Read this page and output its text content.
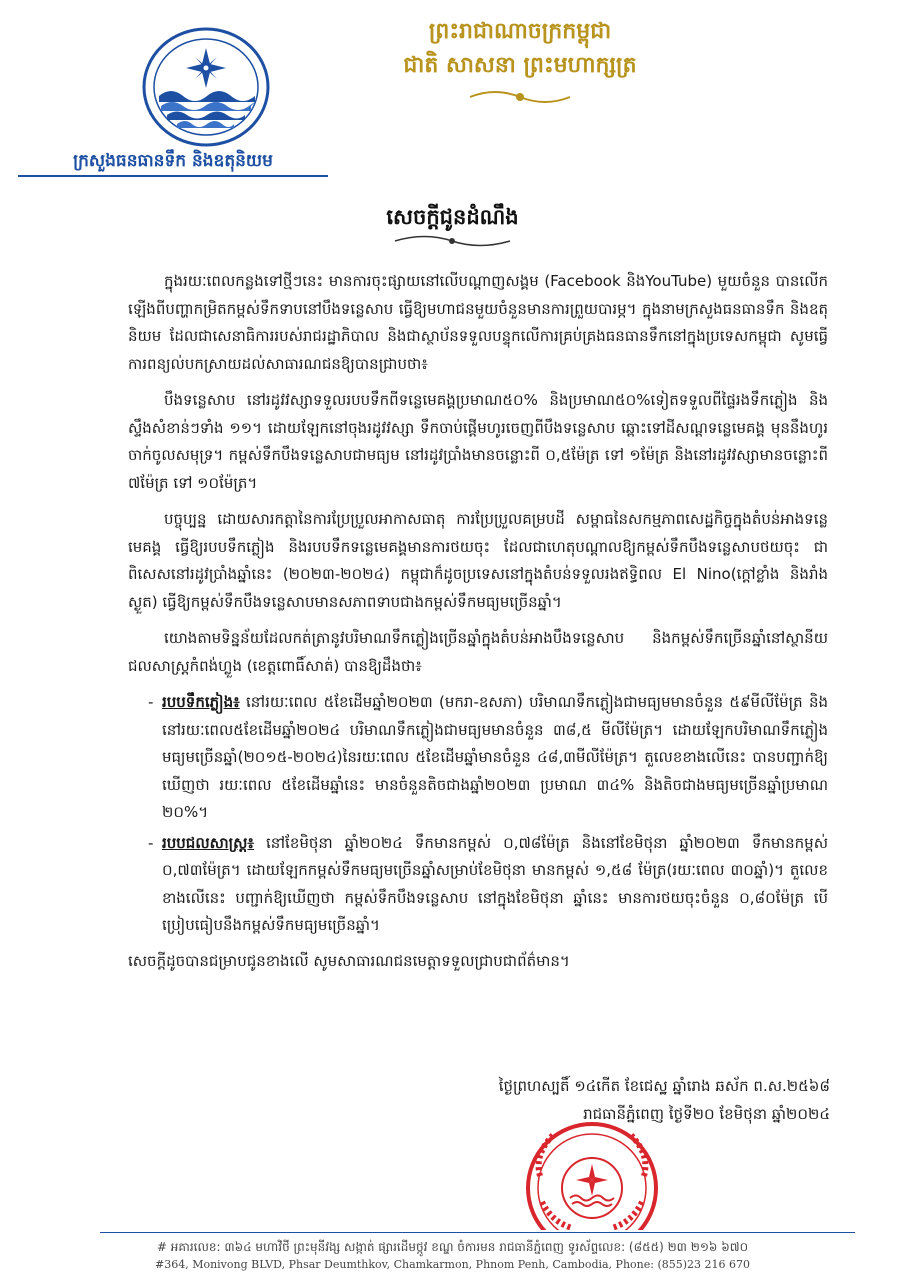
ក្រសួងធនធានទឹក និងឧតុនិយម
ព្រះរាជាណាចក្រកម្ពុជា
ជាតិ សាសនា ព្រះមហាក្សត្រ
សេចក្តីជូនដំណឹង

ក្នុងរយៈពេលកន្លងទៅថ្មីៗនេះ មានការចុះផ្សាយនៅលើបណ្តាញសង្គម (Facebook និងYouTube) មួយចំនួន បានលើកឡើងពីបញ្ហាកម្រិតកម្ពស់ទឹកទាបនៅបឹងទន្លេសាប ធ្វើឱ្យមហាជនមួយចំនួនមានការព្រួយបារម្ភ។ ក្នុងនាមក្រសួងធនធានទឹក និងឧតុនិយម ដែលជាសេនាធិការរបស់រាជរដ្ឋាភិបាល និងជាស្ថាប័នទទួលបន្ទុកលើការគ្រប់គ្រងធនធានទឹកនៅក្នុងប្រទេសកម្ពុជា សូមធ្វើការពន្យល់បកស្រាយដល់សាធារណជនឱ្យបានជ្រាបថា៖

បឹងទន្លេសាប នៅរដូវវស្សាទទួលរបបទឹកពីទន្លេមេគង្គប្រមាណ៥០% និងប្រមាណ៥០%ទៀតទទួលពីផ្ទៃរងទឹកភ្លៀង និងស្ទឹងសំខាន់ៗទាំង ១១។ ដោយឡែកនៅចុងរដូវវស្សា ទឹកចាប់ផ្តើមហូរចេញពីបឹងទន្លេសាប ឆ្ពោះទៅដីសណ្តទន្លេមេគង្គ មុននឹងហូរចាក់ចូលសមុទ្រ។ កម្ពស់ទឹកបឹងទន្លេសាបជាមធ្យម នៅរដូវប្រាំងមានចន្លោះពី ០,៥ម៉ែត្រ ទៅ ១ម៉ែត្រ និងនៅរដូវវស្សាមានចន្លោះពី ៧ម៉ែត្រ ទៅ ១០ម៉ែត្រ។

បច្ចុប្បន្ន ដោយសារកត្តានៃការប្រែប្រួលអាកាសធាតុ ការប្រែប្រួលគម្របដី សម្ពាធនៃសកម្មភាពសេដ្ឋកិច្ចក្នុងតំបន់អាងទន្លេមេគង្គ ធ្វើឱ្យរបបទឹកភ្លៀង និងរបបទឹកទន្លេមេគង្គមានការថយចុះ ដែលជាហេតុបណ្តាលឱ្យកម្ពស់ទឹកបឹងទន្លេសាបថយចុះ ជាពិសេសនៅរដូវប្រាំងឆ្នាំនេះ (២០២៣-២០២៤) កម្ពុជាក៏ដូចប្រទេសនៅក្នុងតំបន់ទទួលរងឥទ្ធិពល El Nino(ក្តៅខ្លាំង និងរាំងស្ងួត) ធ្វើឱ្យកម្ពស់ទឹកបឹងទន្លេសាបមានសភាពទាបជាងកម្ពស់ទឹកមធ្យមច្រើនឆ្នាំ។

យោងតាមទិន្នន័យដែលកត់ត្រានូវបរិមាណទឹកភ្លៀងច្រើនឆ្នាំក្នុងតំបន់អាងបឹងទន្លេសាប និងកម្ពស់ទឹកច្រើនឆ្នាំនៅស្ថានីយជលសាស្ត្រកំពង់ហ្លួង (ខេត្តពោធិ៍សាត់) បានឱ្យដឹងថា៖

- របបទឹកភ្លៀង៖ នៅរយៈពេល ៥ខែដើមឆ្នាំ២០២៣ (មករា-ឧសភា) បរិមាណទឹកភ្លៀងជាមធ្យមមានចំនួន ៥៩មីលីម៉ែត្រ និងនៅរយៈពេល៥ខែដើមឆ្នាំ២០២៤ បរិមាណទឹកភ្លៀងជាមធ្យមមានចំនួន ៣៨,៥ មីលីម៉ែត្រ។ ដោយឡែកបរិមាណទឹកភ្លៀងមធ្យមច្រើនឆ្នាំ(២០១៥-២០២៤)នៃរយៈពេល ៥ខែដើមឆ្នាំមានចំនួន ៤៨,៣មីលីម៉ែត្រ។ តួលេខខាងលើនេះ បានបញ្ជាក់ឱ្យឃើញថា រយៈពេល ៥ខែដើមឆ្នាំនេះ មានចំនួនតិចជាងឆ្នាំ២០២៣ ប្រមាណ ៣៤% និងតិចជាងមធ្យមច្រើនឆ្នាំប្រមាណ ២០%។
- របបជលសាស្ត្រ៖ នៅខែមិថុនា ឆ្នាំ២០២៤ ទឹកមានកម្ពស់ ០,៧៨ម៉ែត្រ និងនៅខែមិថុនា ឆ្នាំ២០២៣ ទឹកមានកម្ពស់ ០,៧៣ម៉ែត្រ។ ដោយឡែកកម្ពស់ទឹកមធ្យមច្រើនឆ្នាំសម្រាប់ខែមិថុនា មានកម្ពស់ ១,៥៨ ម៉ែត្រ(រយៈពេល ៣០ឆ្នាំ)។ តួលេខខាងលើនេះ បញ្ជាក់ឱ្យឃើញថា កម្ពស់ទឹកបឹងទន្លេសាប នៅក្នុងខែមិថុនា ឆ្នាំនេះ មានការថយចុះចំនួន ០,៨០ម៉ែត្រ បើប្រៀបធៀបនឹងកម្ពស់ទឹកមធ្យមច្រើនឆ្នាំ។

សេចក្តីដូចបានជម្រាបជូនខាងលើ សូមសាធារណជនមេត្តាទទួលជ្រាបជាព័ត៌មាន។

ថ្ងៃព្រហស្បតិ៍ ១៤កើត ខែជេស្ឋ ឆ្នាំរោង ឆស័ក ព.ស.២៥៦៨
រាជធានីភ្នំពេញ ថ្ងៃទី២០ ខែមិថុនា ឆ្នាំ២០២៤
# អគារលេខ: ៣៦៤ មហាវិថី ព្រះមុនីវង្ស សង្កាត់ ផ្សារដើមថ្កូវ ខណ្ឌ ចំការមន រាជធានីភ្នំពេញ ទូរស័ព្ទលេខ: (៨៥៥) ២៣ ២១៦ ៦៧០
#364, Monivong BLVD, Phsar Deumthkov, Chamkarmon, Phnom Penh, Cambodia, Phone: (855)23 216 670
